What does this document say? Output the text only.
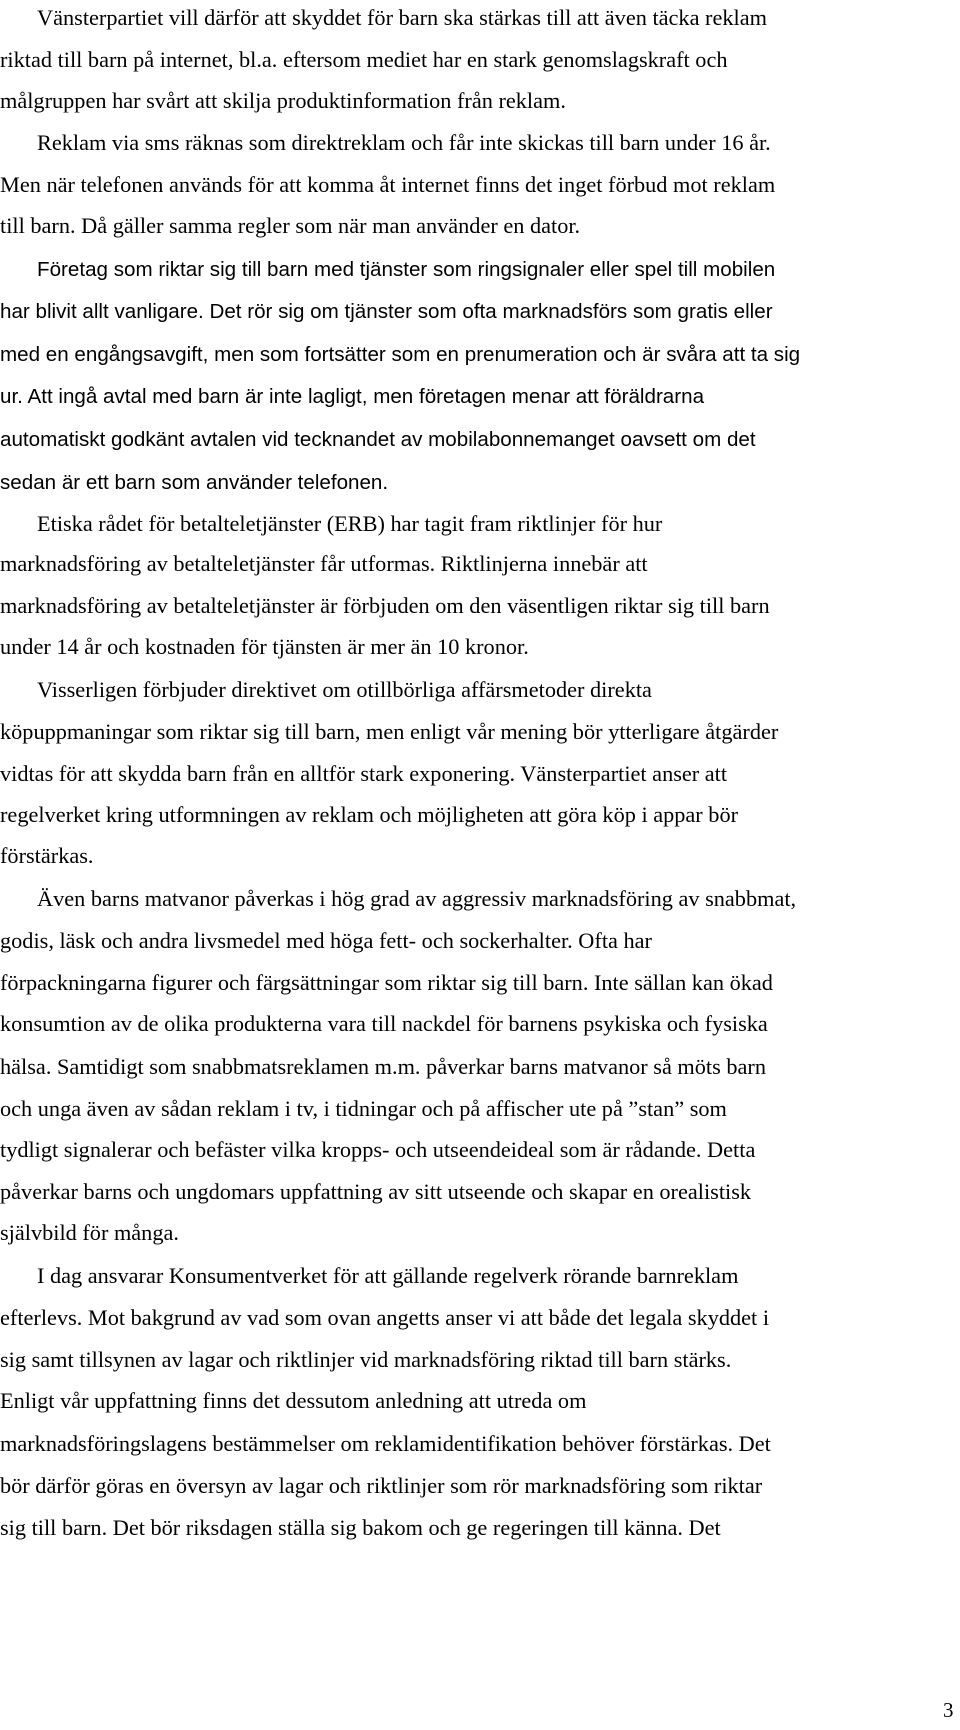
Vänsterpartiet vill därför att skyddet för barn ska stärkas till att även täcka reklam

riktad till barn på internet, bl.a. eftersom mediet har en stark genomslagskraft och

målgruppen har svårt att skilja produktinformation från reklam.

Reklam via sms räknas som direktreklam och får inte skickas till barn under 16 år.

Men när telefonen används för att komma åt internet finns det inget förbud mot reklam

till barn. Då gäller samma regler som när man använder en dator.

Företag som riktar sig till barn med tjänster som ringsignaler eller spel till mobilen

har blivit allt vanligare. Det rör sig om tjänster som ofta marknadsförs som gratis eller

med en engångsavgift, men som fortsätter som en prenumeration och är svåra att ta sig

ur. Att ingå avtal med barn är inte lagligt, men företagen menar att föräldrarna

automatiskt godkänt avtalen vid tecknandet av mobilabonnemanget oavsett om det

sedan är ett barn som använder telefonen.

Etiska rådet för betalteletjänster (ERB) har tagit fram riktlinjer för hur

marknadsföring av betalteletjänster får utformas. Riktlinjerna innebär att

marknadsföring av betalteletjänster är förbjuden om den väsentligen riktar sig till barn

under 14 år och kostnaden för tjänsten är mer än 10 kronor.

Visserligen förbjuder direktivet om otillbörliga affärsmetoder direkta

köpuppmaningar som riktar sig till barn, men enligt vår mening bör ytterligare åtgärder

vidtas för att skydda barn från en alltför stark exponering. Vänsterpartiet anser att

regelverket kring utformningen av reklam och möjligheten att göra köp i appar bör

förstärkas.

Även barns matvanor påverkas i hög grad av aggressiv marknadsföring av snabbmat,

godis, läsk och andra livsmedel med höga fett- och sockerhalter. Ofta har

förpackningarna figurer och färgsättningar som riktar sig till barn. Inte sällan kan ökad

konsumtion av de olika produkterna vara till nackdel för barnens psykiska och fysiska

hälsa. Samtidigt som snabbmatsreklamen m.m. påverkar barns matvanor så möts barn

och unga även av sådan reklam i tv, i tidningar och på affischer ute på ”stan” som

tydligt signalerar och befäster vilka kropps- och utseendeideal som är rådande. Detta

påverkar barns och ungdomars uppfattning av sitt utseende och skapar en orealistisk

självbild för många.

I dag ansvarar Konsumentverket för att gällande regelverk rörande barnreklam

efterlevs. Mot bakgrund av vad som ovan angetts anser vi att både det legala skyddet i

sig samt tillsynen av lagar och riktlinjer vid marknadsföring riktad till barn stärks.

Enligt vår uppfattning finns det dessutom anledning att utreda om

marknadsföringslagens bestämmelser om reklamidentifikation behöver förstärkas. Det

bör därför göras en översyn av lagar och riktlinjer som rör marknadsföring som riktar

sig till barn. Det bör riksdagen ställa sig bakom och ge regeringen till känna. Det

3
